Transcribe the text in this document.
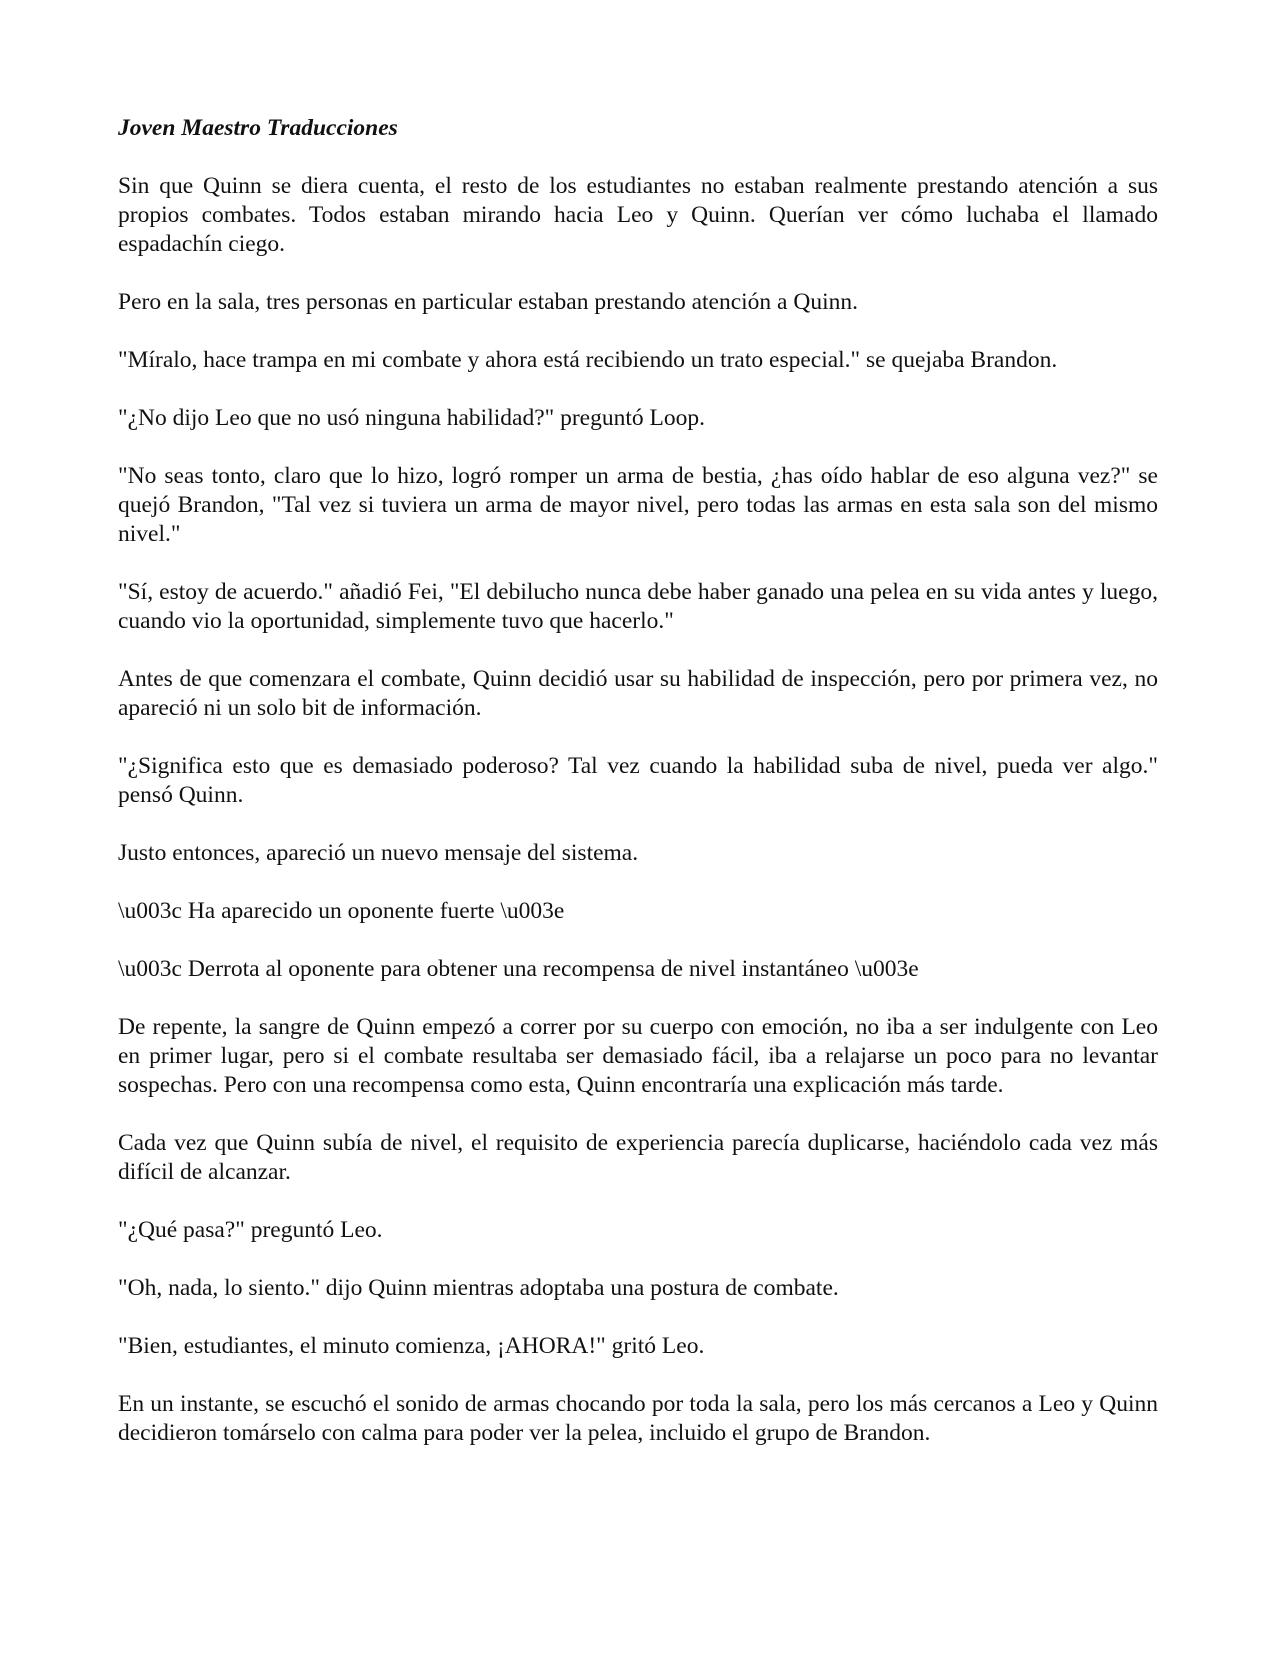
Joven Maestro Traducciones

Sin que Quinn se diera cuenta, el resto de los estudiantes no estaban realmente prestando atención a sus propios combates. Todos estaban mirando hacia Leo y Quinn. Querían ver cómo luchaba el llamado espadachín ciego.

Pero en la sala, tres personas en particular estaban prestando atención a Quinn.

"Míralo, hace trampa en mi combate y ahora está recibiendo un trato especial." se quejaba Brandon.

"¿No dijo Leo que no usó ninguna habilidad?" preguntó Loop.

"No seas tonto, claro que lo hizo, logró romper un arma de bestia, ¿has oído hablar de eso alguna vez?" se quejó Brandon, "Tal vez si tuviera un arma de mayor nivel, pero todas las armas en esta sala son del mismo nivel."

"Sí, estoy de acuerdo." añadió Fei, "El debilucho nunca debe haber ganado una pelea en su vida antes y luego, cuando vio la oportunidad, simplemente tuvo que hacerlo."

Antes de que comenzara el combate, Quinn decidió usar su habilidad de inspección, pero por primera vez, no apareció ni un solo bit de información.

"¿Significa esto que es demasiado poderoso? Tal vez cuando la habilidad suba de nivel, pueda ver algo." pensó Quinn.

Justo entonces, apareció un nuevo mensaje del sistema.

\u003c Ha aparecido un oponente fuerte \u003e

\u003c Derrota al oponente para obtener una recompensa de nivel instantáneo \u003e

De repente, la sangre de Quinn empezó a correr por su cuerpo con emoción, no iba a ser indulgente con Leo en primer lugar, pero si el combate resultaba ser demasiado fácil, iba a relajarse un poco para no levantar sospechas. Pero con una recompensa como esta, Quinn encontraría una explicación más tarde.

Cada vez que Quinn subía de nivel, el requisito de experiencia parecía duplicarse, haciéndolo cada vez más difícil de alcanzar.

"¿Qué pasa?" preguntó Leo.

"Oh, nada, lo siento." dijo Quinn mientras adoptaba una postura de combate.

"Bien, estudiantes, el minuto comienza, ¡AHORA!" gritó Leo.

En un instante, se escuchó el sonido de armas chocando por toda la sala, pero los más cercanos a Leo y Quinn decidieron tomárselo con calma para poder ver la pelea, incluido el grupo de Brandon.
